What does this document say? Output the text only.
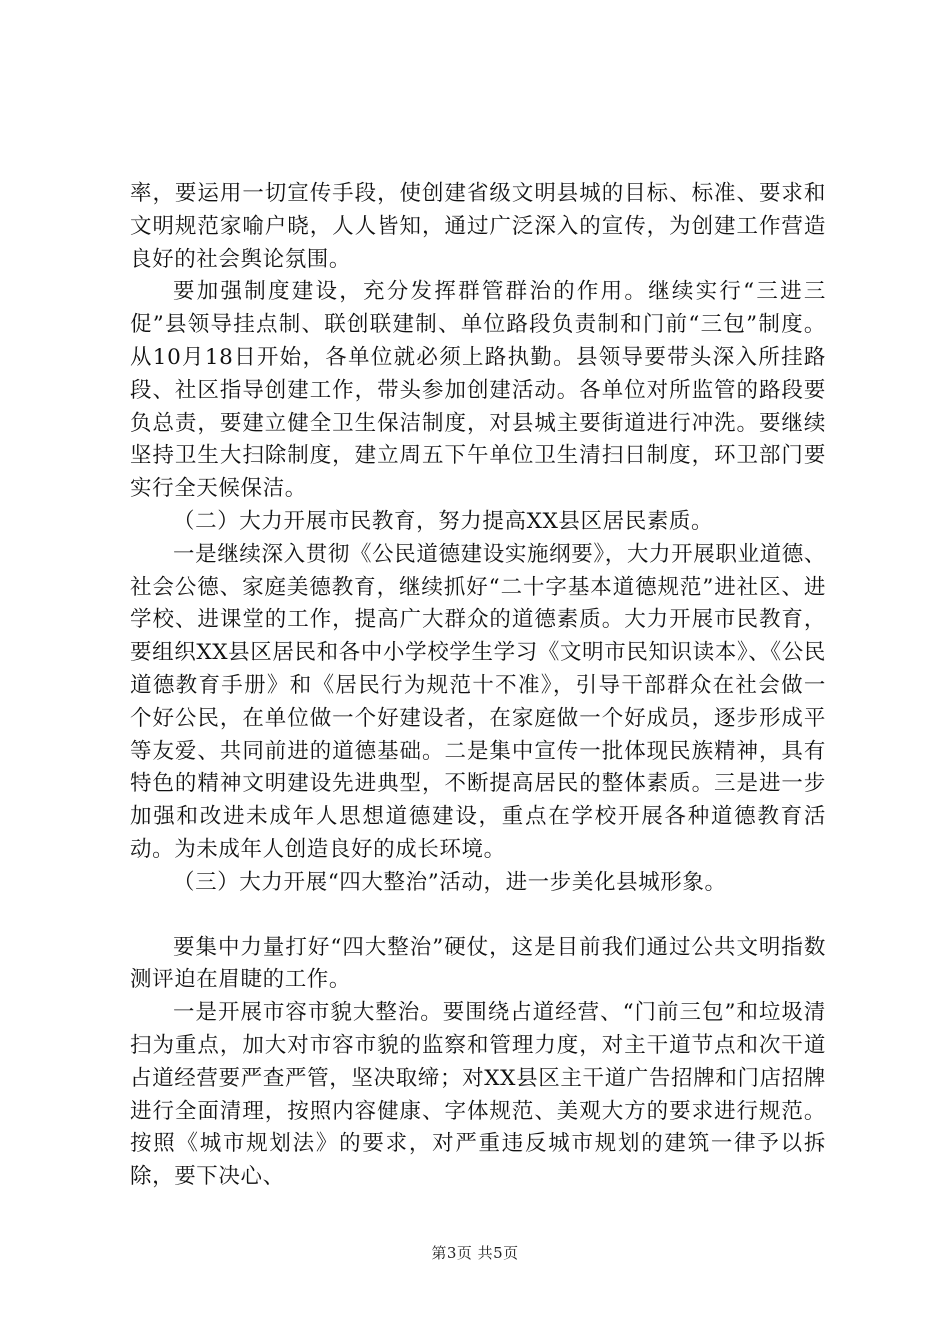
率，要运用一切宣传手段，使创建省级文明县城的目标、标准、要求和文明规范家喻户晓，人人皆知，通过广泛深入的宣传，为创建工作营造良好的社会舆论氛围。

要加强制度建设，充分发挥群管群治的作用。继续实行“三进三促”县领导挂点制、联创联建制、单位路段负责制和门前“三包”制度。从10月18日开始，各单位就必须上路执勤。县领导要带头深入所挂路段、社区指导创建工作，带头参加创建活动。各单位对所监管的路段要负总责，要建立健全卫生保洁制度，对县城主要街道进行冲洗。要继续坚持卫生大扫除制度，建立周五下午单位卫生清扫日制度，环卫部门要实行全天候保洁。

（二）大力开展市民教育，努力提高XX县区居民素质。

一是继续深入贯彻《公民道德建设实施纲要》，大力开展职业道德、社会公德、家庭美德教育，继续抓好“二十字基本道德规范”进社区、进学校、进课堂的工作，提高广大群众的道德素质。大力开展市民教育，要组织XX县区居民和各中小学校学生学习《文明市民知识读本》、《公民道德教育手册》和《居民行为规范十不准》，引导干部群众在社会做一个好公民，在单位做一个好建设者，在家庭做一个好成员，逐步形成平等友爱、共同前进的道德基础。二是集中宣传一批体现民族精神，具有特色的精神文明建设先进典型，不断提高居民的整体素质。三是进一步加强和改进未成年人思想道德建设，重点在学校开展各种道德教育活动。为未成年人创造良好的成长环境。

（三）大力开展“四大整治”活动，进一步美化县城形象。

要集中力量打好“四大整治”硬仗，这是目前我们通过公共文明指数测评迫在眉睫的工作。

一是开展市容市貌大整治。要围绕占道经营、“门前三包”和垃圾清扫为重点，加大对市容市貌的监察和管理力度，对主干道节点和次干道占道经营要严查严管，坚决取缔；对XX县区主干道广告招牌和门店招牌进行全面清理，按照内容健康、字体规范、美观大方的要求进行规范。按照《城市规划法》的要求，对严重违反城市规划的建筑一律予以拆除，要下决心、

第3页 共5页
